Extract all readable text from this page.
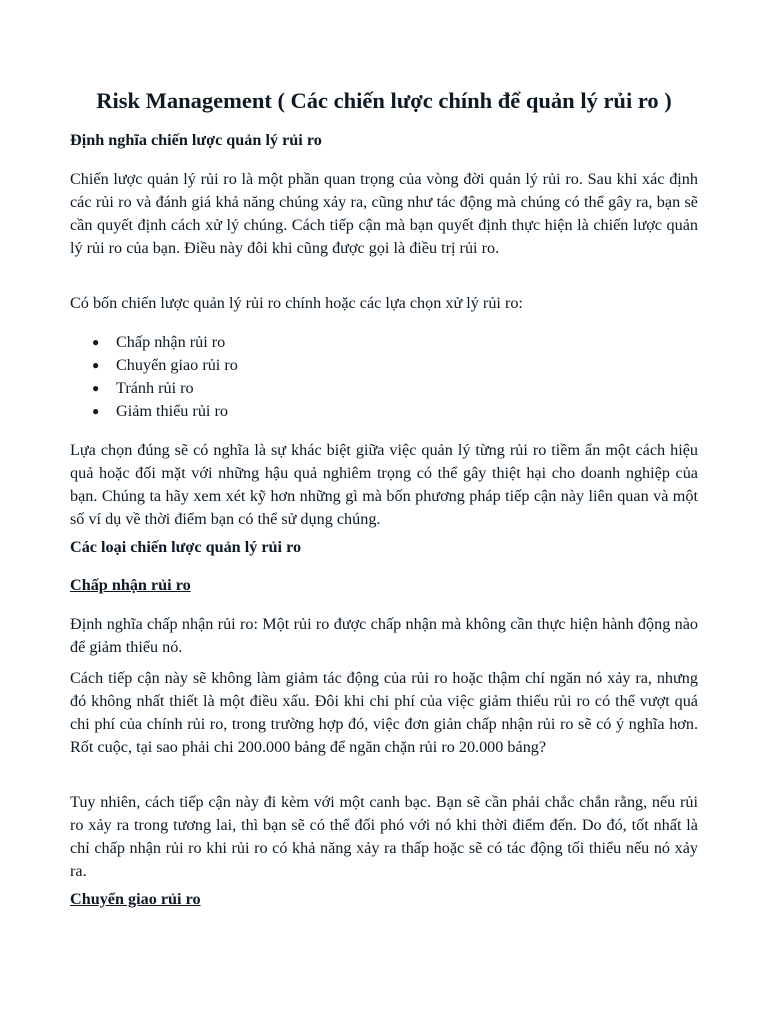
Risk Management ( Các chiến lược chính để quản lý rủi ro )
Định nghĩa chiến lược quản lý rủi ro

Chiến lược quản lý rủi ro là một phần quan trọng của vòng đời quản lý rủi ro. Sau khi xác định các rủi ro và đánh giá khả năng chúng xảy ra, cũng như tác động mà chúng có thể gây ra, bạn sẽ cần quyết định cách xử lý chúng. Cách tiếp cận mà bạn quyết định thực hiện là chiến lược quản lý rủi ro của bạn. Điều này đôi khi cũng được gọi là điều trị rủi ro.

Có bốn chiến lược quản lý rủi ro chính hoặc các lựa chọn xử lý rủi ro:

● Chấp nhận rủi ro
● Chuyển giao rủi ro
● Tránh rủi ro
● Giảm thiểu rủi ro

Lựa chọn đúng sẽ có nghĩa là sự khác biệt giữa việc quản lý từng rủi ro tiềm ẩn một cách hiệu quả hoặc đối mặt với những hậu quả nghiêm trọng có thể gây thiệt hại cho doanh nghiệp của bạn. Chúng ta hãy xem xét kỹ hơn những gì mà bốn phương pháp tiếp cận này liên quan và một số ví dụ về thời điểm bạn có thể sử dụng chúng.

Các loại chiến lược quản lý rủi ro
Chấp nhận rủi ro

Định nghĩa chấp nhận rủi ro: Một rủi ro được chấp nhận mà không cần thực hiện hành động nào để giảm thiểu nó.

Cách tiếp cận này sẽ không làm giảm tác động của rủi ro hoặc thậm chí ngăn nó xảy ra, nhưng đó không nhất thiết là một điều xấu. Đôi khi chi phí của việc giảm thiểu rủi ro có thể vượt quá chi phí của chính rủi ro, trong trường hợp đó, việc đơn giản chấp nhận rủi ro sẽ có ý nghĩa hơn. Rốt cuộc, tại sao phải chi 200.000 bảng để ngăn chặn rủi ro 20.000 bảng?

Tuy nhiên, cách tiếp cận này đi kèm với một canh bạc. Bạn sẽ cần phải chắc chắn rằng, nếu rủi ro xảy ra trong tương lai, thì bạn sẽ có thể đối phó với nó khi thời điểm đến. Do đó, tốt nhất là chỉ chấp nhận rủi ro khi rủi ro có khả năng xảy ra thấp hoặc sẽ có tác động tối thiểu nếu nó xảy ra.

Chuyển giao rủi ro
